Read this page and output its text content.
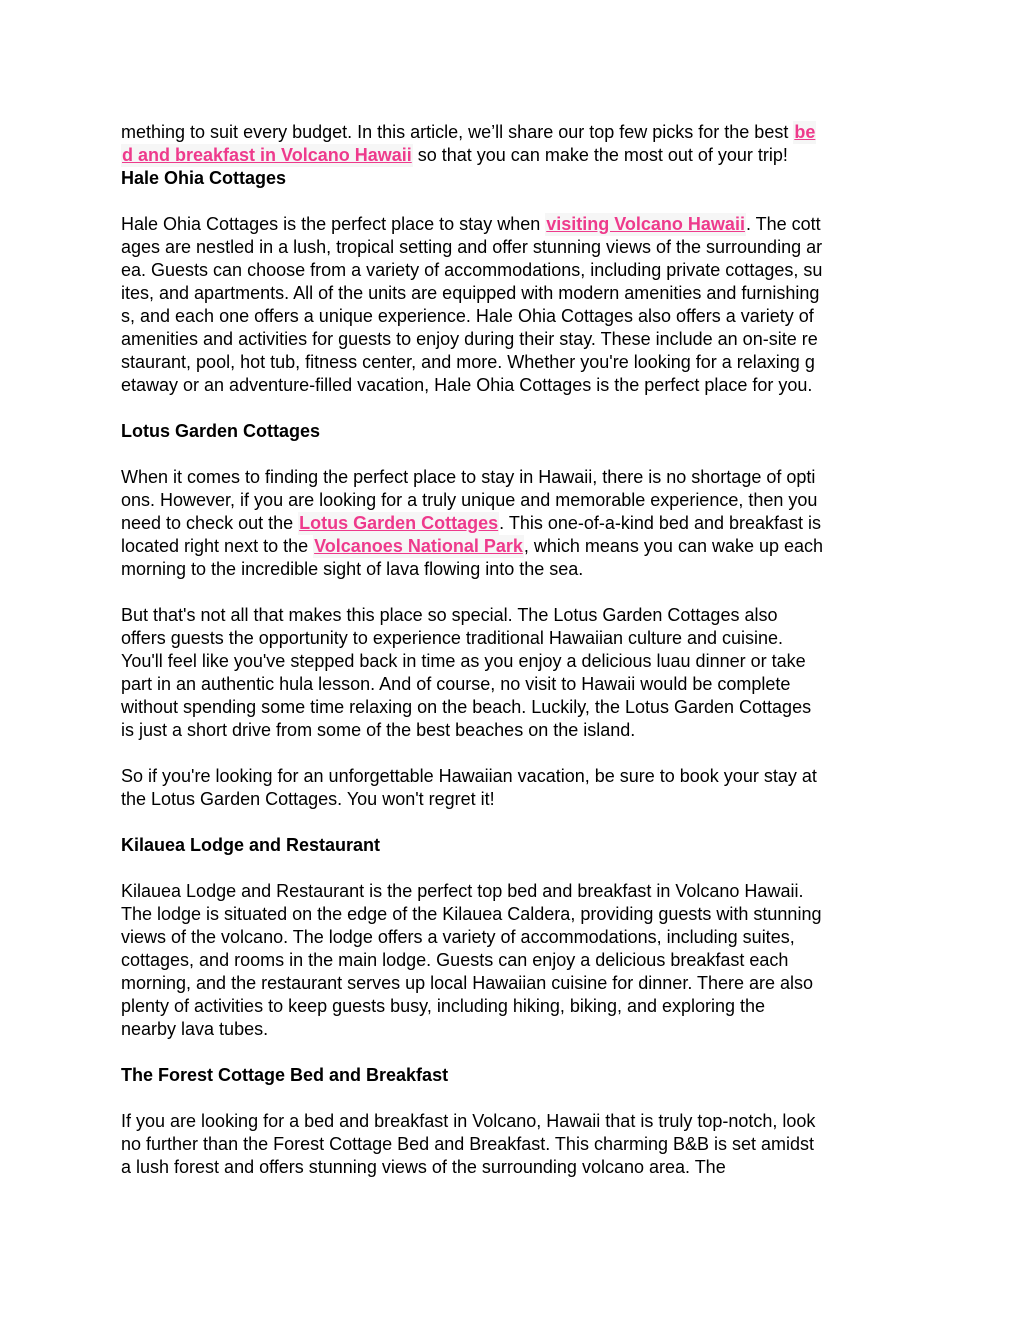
mething to suit every budget. In this article, we’ll share our top few picks for the best be
d and breakfast in Volcano Hawaii so that you can make the most out of your trip!
Hale Ohia Cottages
Hale Ohia Cottages is the perfect place to stay when visiting Volcano Hawaii. The cott
ages are nestled in a lush, tropical setting and offer stunning views of the surrounding ar
ea. Guests can choose from a variety of accommodations, including private cottages, su
ites, and apartments. All of the units are equipped with modern amenities and furnishing
s, and each one offers a unique experience. Hale Ohia Cottages also offers a variety of
amenities and activities for guests to enjoy during their stay. These include an on-site re
staurant, pool, hot tub, fitness center, and more. Whether you're looking for a relaxing g
etaway or an adventure-filled vacation, Hale Ohia Cottages is the perfect place for you.
Lotus Garden Cottages
When it comes to finding the perfect place to stay in Hawaii, there is no shortage of opti
ons. However, if you are looking for a truly unique and memorable experience, then you
need to check out the Lotus Garden Cottages. This one-of-a-kind bed and breakfast is
located right next to the Volcanoes National Park, which means you can wake up each
morning to the incredible sight of lava flowing into the sea.
But that's not all that makes this place so special. The Lotus Garden Cottages also
offers guests the opportunity to experience traditional Hawaiian culture and cuisine.
You'll feel like you've stepped back in time as you enjoy a delicious luau dinner or take
part in an authentic hula lesson. And of course, no visit to Hawaii would be complete
without spending some time relaxing on the beach. Luckily, the Lotus Garden Cottages
is just a short drive from some of the best beaches on the island.
So if you're looking for an unforgettable Hawaiian vacation, be sure to book your stay at
the Lotus Garden Cottages. You won't regret it!
Kilauea Lodge and Restaurant
Kilauea Lodge and Restaurant is the perfect top bed and breakfast in Volcano Hawaii.
The lodge is situated on the edge of the Kilauea Caldera, providing guests with stunning
views of the volcano. The lodge offers a variety of accommodations, including suites,
cottages, and rooms in the main lodge. Guests can enjoy a delicious breakfast each
morning, and the restaurant serves up local Hawaiian cuisine for dinner. There are also
plenty of activities to keep guests busy, including hiking, biking, and exploring the
nearby lava tubes.
The Forest Cottage Bed and Breakfast
If you are looking for a bed and breakfast in Volcano, Hawaii that is truly top-notch, look
no further than the Forest Cottage Bed and Breakfast. This charming B&B is set amidst
a lush forest and offers stunning views of the surrounding volcano area. The
